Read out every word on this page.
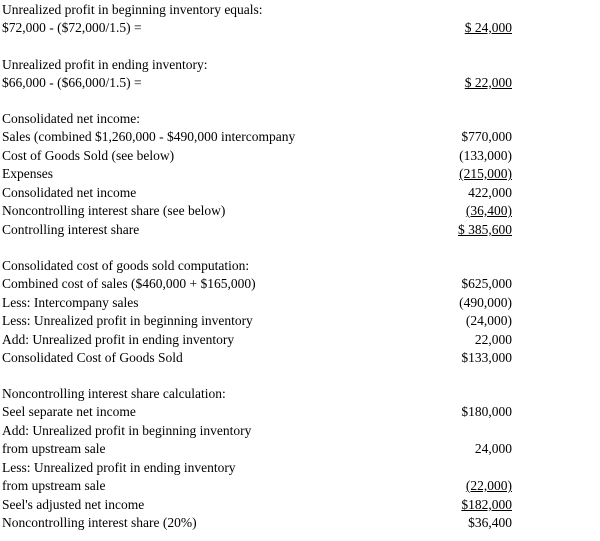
Unrealized profit in beginning inventory equals:
$72,000 - ($72,000/1.5) =	$ 24,000
Unrealized profit in ending inventory:
$66,000 - ($66,000/1.5) =	$ 22,000
Consolidated net income:
Sales (combined $1,260,000 - $490,000 intercompany	$770,000
Cost of Goods Sold (see below)	(133,000)
Expenses	(215,000)
Consolidated net income	422,000
Noncontrolling interest share (see below)	(36,400)
Controlling interest share	$ 385,600
Consolidated cost of goods sold computation:
Combined cost of sales ($460,000 + $165,000)	$625,000
Less: Intercompany sales	(490,000)
Less: Unrealized profit in beginning inventory	(24,000)
Add: Unrealized profit in ending inventory	22,000
Consolidated Cost of Goods Sold	$133,000
Noncontrolling interest share calculation:
Seel separate net income	$180,000
Add: Unrealized profit in beginning inventory
from upstream sale	24,000
Less: Unrealized profit in ending inventory
from upstream sale	(22,000)
Seel's adjusted net income	$182,000
Noncontrolling interest share (20%)	$36,400
